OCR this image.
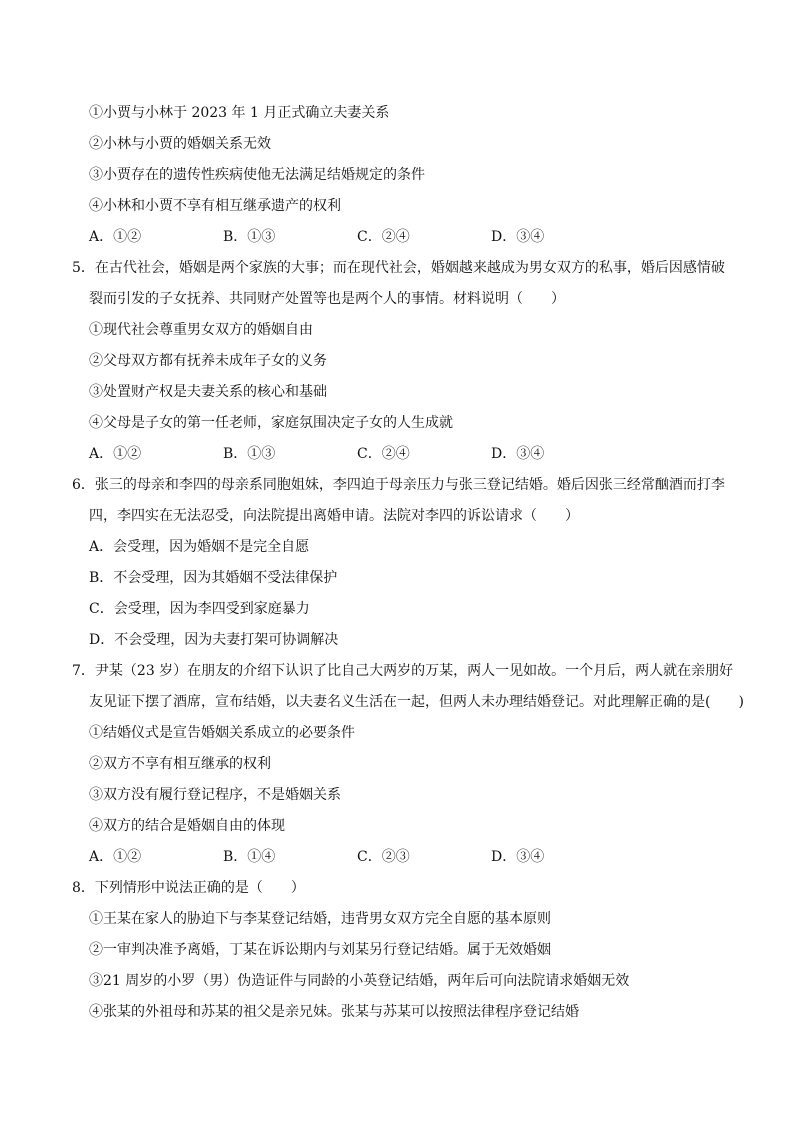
①小贾与小林于 2023 年 1 月正式确立夫妻关系
②小林与小贾的婚姻关系无效
③小贾存在的遗传性疾病使他无法满足结婚规定的条件
④小林和小贾不享有相互继承遗产的权利
A．①②	B．①③	C．②④	D．③④
5．在古代社会，婚姻是两个家族的大事；而在现代社会，婚姻越来越成为男女双方的私事，婚后因感情破
裂而引发的子女抚养、共同财产处置等也是两个人的事情。材料说明（　　）
①现代社会尊重男女双方的婚姻自由
②父母双方都有抚养未成年子女的义务
③处置财产权是夫妻关系的核心和基础
④父母是子女的第一任老师，家庭氛围决定子女的人生成就
A．①②	B．①③	C．②④	D．③④
6．张三的母亲和李四的母亲系同胞姐妹，李四迫于母亲压力与张三登记结婚。婚后因张三经常酗酒而打李
四，李四实在无法忍受，向法院提出离婚申请。法院对李四的诉讼请求（　　）
A．会受理，因为婚姻不是完全自愿
B．不会受理，因为其婚姻不受法律保护
C．会受理，因为李四受到家庭暴力
D．不会受理，因为夫妻打架可协调解决
7．尹某（23 岁）在朋友的介绍下认识了比自己大两岁的万某，两人一见如故。一个月后，两人就在亲朋好
友见证下摆了酒席，宣布结婚，以夫妻名义生活在一起，但两人未办理结婚登记。对此理解正确的是(　　)
①结婚仪式是宣告婚姻关系成立的必要条件
②双方不享有相互继承的权利
③双方没有履行登记程序，不是婚姻关系
④双方的结合是婚姻自由的体现
A．①②	B．①④	C．②③	D．③④
8．下列情形中说法正确的是（　　）
①王某在家人的胁迫下与李某登记结婚，违背男女双方完全自愿的基本原则
②一审判决准予离婚，丁某在诉讼期内与刘某另行登记结婚。属于无效婚姻
③21 周岁的小罗（男）伪造证件与同龄的小英登记结婚，两年后可向法院请求婚姻无效
④张某的外祖母和苏某的祖父是亲兄妹。张某与苏某可以按照法律程序登记结婚
